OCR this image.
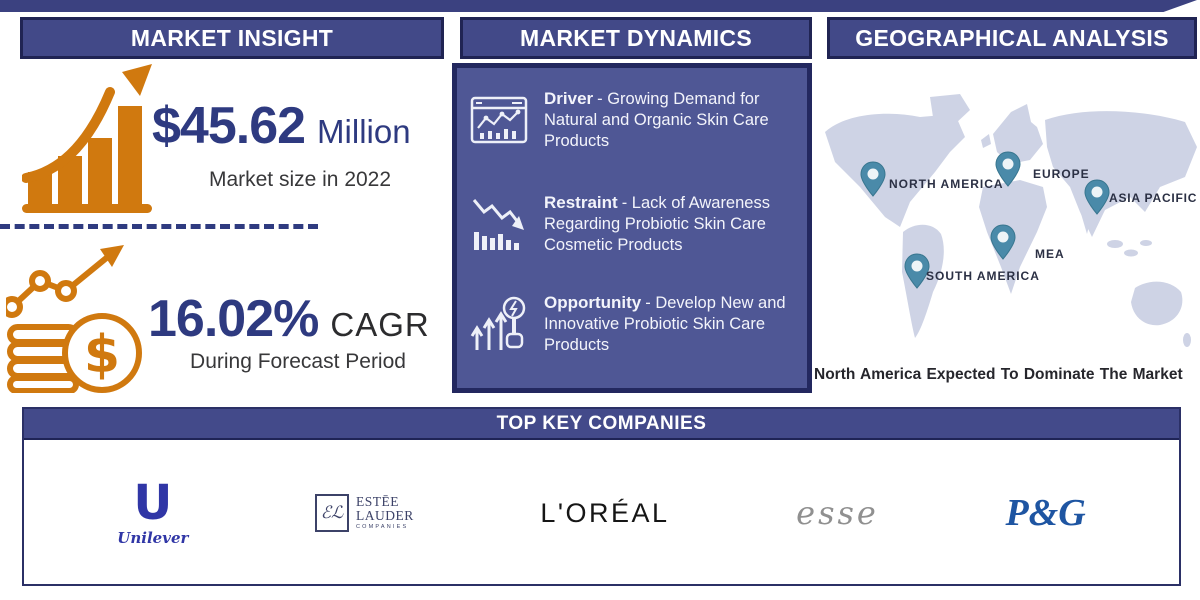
MARKET INSIGHT
$45.62 Million
Market size in 2022
$
16.02% CAGR
During Forecast Period
MARKET DYNAMICS
Driver - Growing Demand for Natural and Organic Skin Care Products
Restraint - Lack of Awareness Regarding Probiotic Skin Care Cosmetic Products
Opportunity - Develop New and Innovative Probiotic Skin Care Products
GEOGRAPHICAL ANALYSIS
NORTH AMERICA
EUROPE
ASIA PACIFIC
MEA
SOUTH AMERICA
North America Expected To Dominate The Market
TOP KEY COMPANIES
U
Unilever
ℰℒ
ESTĒE
LAUDER
COMPANIES	L'ORÉAL	esse	P&G
